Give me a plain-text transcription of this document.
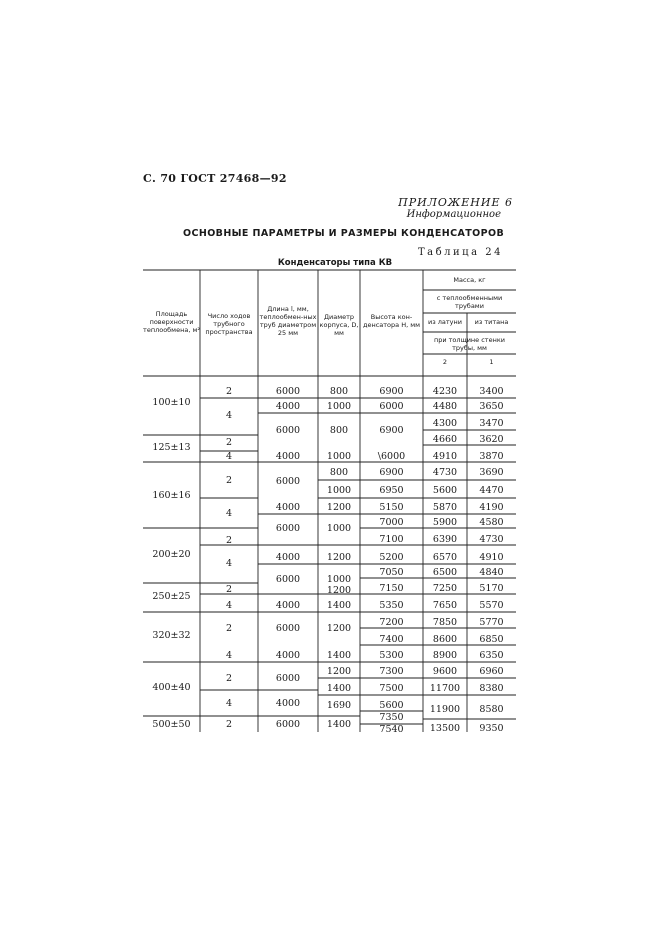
С. 70 ГОСТ 27468—92
ПРИЛОЖЕНИЕ 6
Информационное
ОСНОВНЫЕ ПАРАМЕТРЫ И РАЗМЕРЫ КОНДЕНСАТОРОВ
Таблица 24
Конденсаторы типа КВ
Площадь поверхности теплообмена, м²
Число ходов трубного пространства
Длина l, мм, теплообмен-ных труб диаметром 25 мм
Диаметр корпуса, D, мм
Высота кон-денсатора H, мм
Масса, кг
с теплообменными трубами
из латуни	из титана
при толщине стенки трубы, мм
2	1
100±10
125±13
160±16
200±20
250±25
320±32
400±40
500±50
2
4
2
4
2
4
2
4
2
4
2
4
2
4
2
6000
4000
6000
4000
6000
4000
6000
4000
6000
4000
6000
4000
6000
4000
6000
800
1000
800
1000
800
1000
1200
1000
1200
1000
1200
1400
1200
1400
1200
1400
1690
1400
6900
6000
6900
\6000
6900
6950
5150
7000
7100
5200
7050
7150
5350
7200
7400
5300
7300
7500
5600
7350
7540
4230
4480
4300
4660
4910
4730
5600
5870
5900
6390
6570
6500
7250
7650
7850
8600
8900
9600
11700
11900
13500
3400
3650
3470
3620
3870
3690
4470
4190
4580
4730
4910
4840
5170
5570
5770
6850
6350
6960
8380
8580
9350
